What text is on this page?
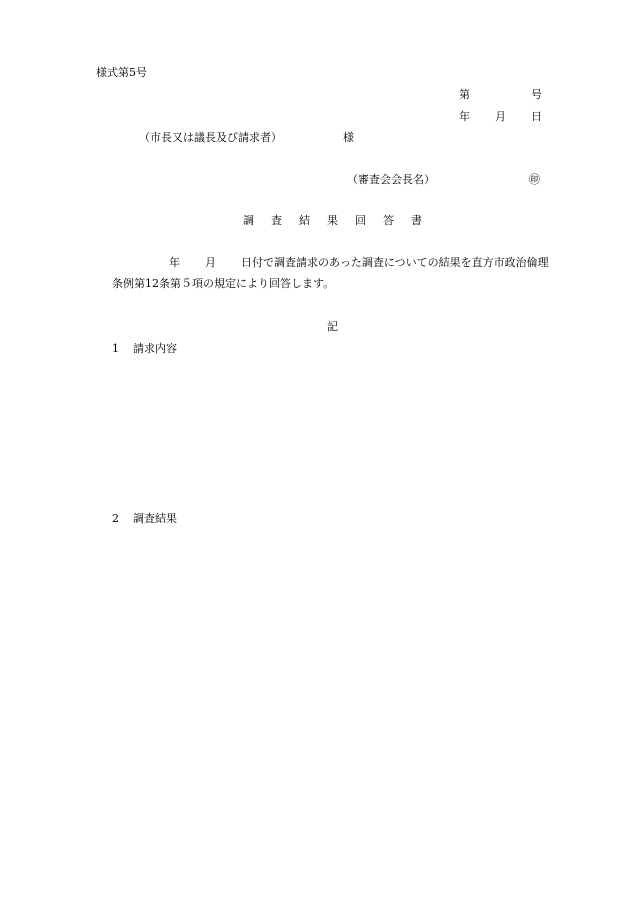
様式第5号
第	号
年 月 日
（市長又は議長及び請求者）	様
（審査会会長名）	㊞
調査結果回答書
年 月 日付で調査請求のあった調査についての結果を直方市政治倫理
条例第12条第５項の規定により回答します。
記
1 請求内容
2 調査結果
